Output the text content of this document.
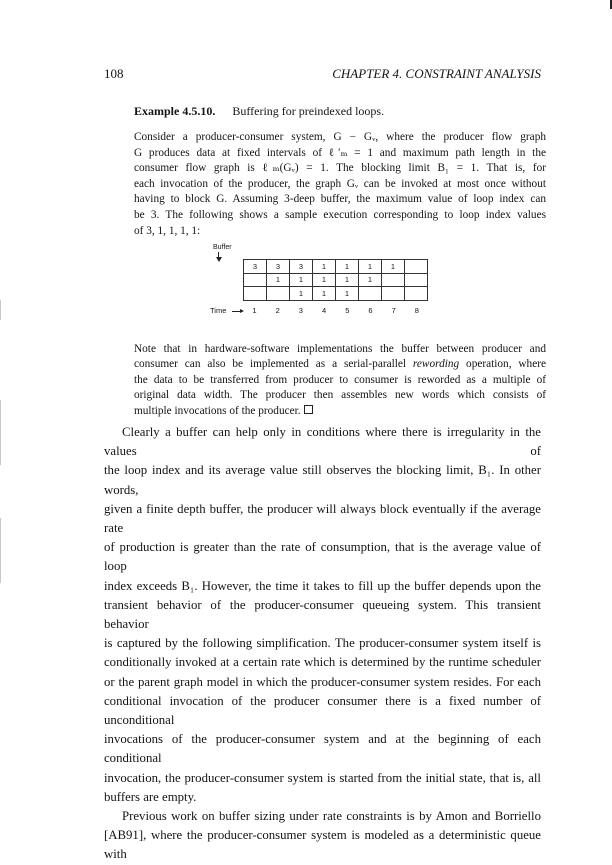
108	CHAPTER 4. CONSTRAINT ANALYSIS
Example 4.5.10. Buffering for preindexed loops.

Consider a producer-consumer system, G − Gᵥ, where the producer flow graph

G produces data at fixed intervals of ℓ′ₘ = 1 and maximum path length in the

consumer flow graph is ℓₘ(Gᵥ) = 1. The blocking limit B₁ = 1. That is, for

each invocation of the producer, the graph Gᵥ can be invoked at most once without

having to block G. Assuming 3-deep buffer, the maximum value of loop index can

be 3. The following shows a sample execution corresponding to loop index values

of 3, 1, 1, 1, 1:

Buffer
3	3	3	1	1	1	1	
	1	1	1	1	1		
		1	1	1			
Time	1	2	3	4	5	6	7	8

Note that in hardware-software implementations the buffer between producer and

consumer can also be implemented as a serial-parallel rewording operation, where

the data to be transferred from producer to consumer is reworded as a multiple of

original data width. The producer then assembles new words which consists of

multiple invocations of the producer.

Clearly a buffer can help only in conditions where there is irregularity in the values of

the loop index and its average value still observes the blocking limit, B₁. In other words,

given a finite depth buffer, the producer will always block eventually if the average rate

of production is greater than the rate of consumption, that is the average value of loop

index exceeds B₁. However, the time it takes to fill up the buffer depends upon the

transient behavior of the producer-consumer queueing system. This transient behavior

is captured by the following simplification. The producer-consumer system itself is

conditionally invoked at a certain rate which is determined by the runtime scheduler

or the parent graph model in which the producer-consumer system resides. For each

conditional invocation of the producer consumer there is a fixed number of unconditional

invocations of the producer-consumer system and at the beginning of each conditional

invocation, the producer-consumer system is started from the initial state, that is, all

buffers are empty.

Previous work on buffer sizing under rate constraints is by Amon and Borriello

[AB91], where the producer-consumer system is modeled as a deterministic queue with
